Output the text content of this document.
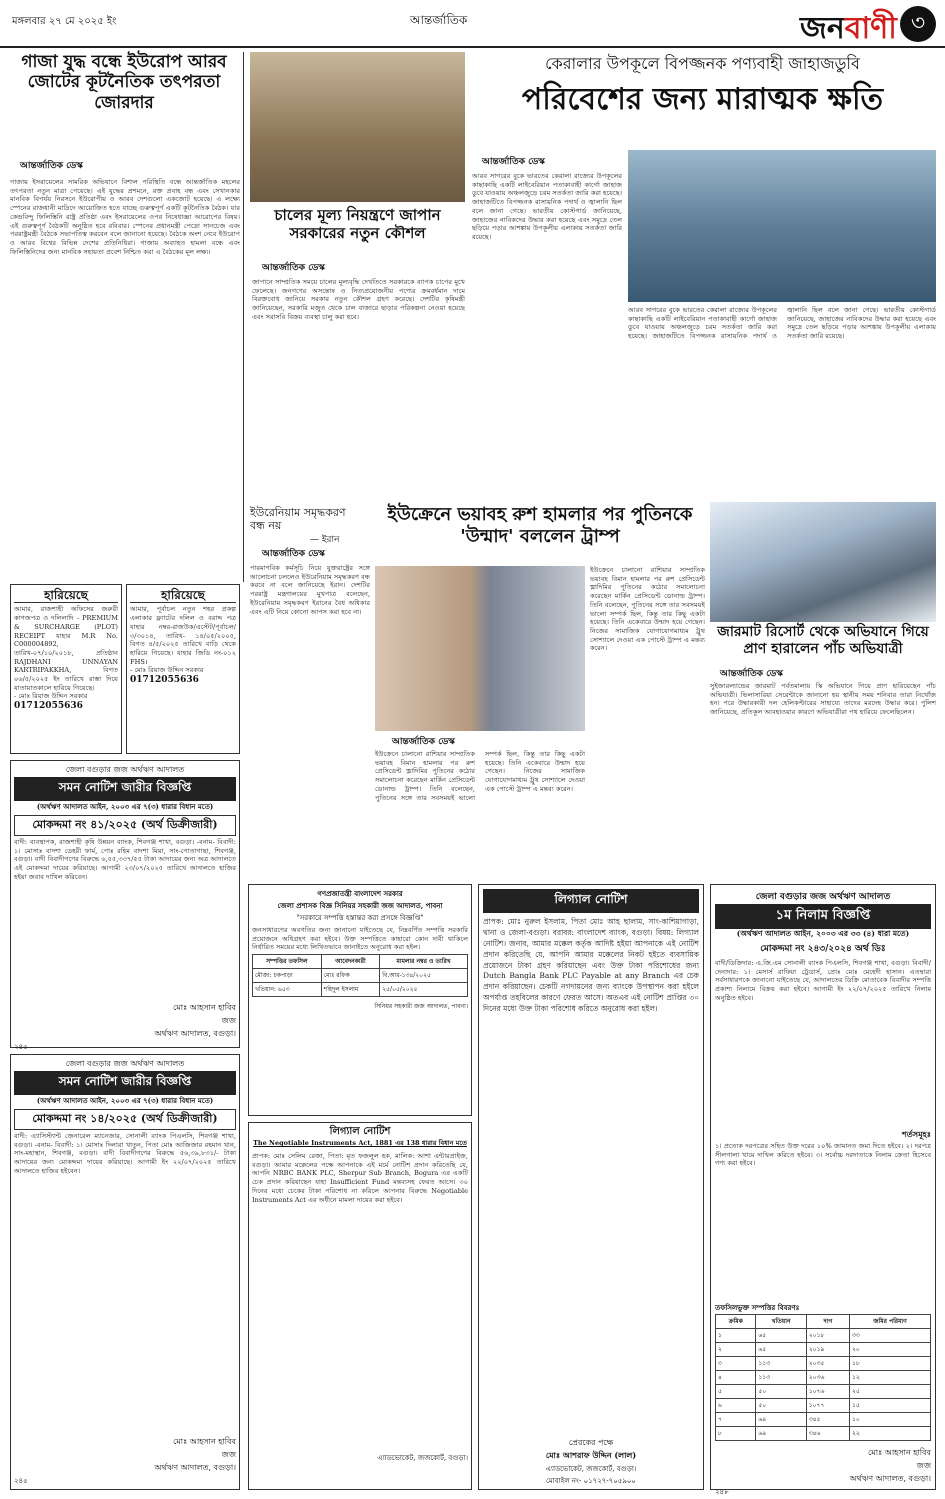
মঙ্গলবার ২৭ মে ২০২৫ ইং	আন্তর্জাতিক	জনবাণী ৩
গাজা যুদ্ধ বন্ধে ইউরোপ আরব জোটের কূটনৈতিক তৎপরতা জোরদার
আন্তর্জাতিক ডেস্ক
গাজায় ইসরায়েলের সামরিক অভিযানে বিশাল পরিস্থিতি বন্ধে আন্তর্জাতিক মহলের তৎপরতা নতুন মাত্রা পেয়েছে। এই যুদ্ধের প্রশমনে, রক্ত প্রবাহ বন্ধ এবং সেখানকার মানবিক বিপর্যয় নিরসনে ইউরোপীয় ও আরব দেশগুলো একজোট হয়েছে। এ লক্ষ্যে স্পেনের রাজধানী মাদ্রিদে আয়োজিত হতে যাচ্ছে গুরুত্বপূর্ণ একটি কূটনৈতিক বৈঠক। যার কেন্দ্রবিন্দু ফিলিস্তিনি রাষ্ট্র প্রতিষ্ঠা এবং ইসরায়েলের ওপর নিষেধাজ্ঞা আরোপের বিষয়। এই গুরুত্বপূর্ণ বৈঠকটি অনুষ্ঠিত হবে রবিবার। স্পেনের প্রধানমন্ত্রী পেদ্রো সানচেজ এবং পররাষ্ট্রমন্ত্রী বৈঠকে সভাপতিত্ব করবেন বলে জানানো হয়েছে। বৈঠকে অংশ নেবে ইউরোপ ও আরব বিশ্বের বিভিন্ন দেশের প্রতিনিধিরা। গাজায় অব্যাহত হামলা বন্ধে এবং ফিলিস্তিনিদের জন্য মানবিক সহায়তা প্রবেশ নিশ্চিত করা এ বৈঠকের মূল লক্ষ্য।
চালের মূল্য নিয়ন্ত্রণে জাপান সরকারের নতুন কৌশল
আন্তর্জাতিক ডেস্ক
জাপানে সাম্প্রতিক সময়ে চালের মূল্যবৃদ্ধি দেখতিতে সরকারকে ব্যাপক চাপের মুখে ফেলেছে। জনগণের অসন্তোষ ও নিত্যপ্রয়োজনীয় পণ্যের ক্রমবর্ধমান দামে বিরক্তবোধ জানিয়ে সরকার নতুন কৌশল গ্রহণ করেছে। দেশটির কৃষিমন্ত্রী জানিয়েছেন, সরকারি মজুত থেকে চাল বাজারে ছাড়ার পরিকল্পনা নেওয়া হয়েছে এবং সরাসরি বিক্রয় ব্যবস্থা চালু করা হবে।
কেরালার উপকূলে বিপজ্জনক পণ্যবাহী জাহাজডুবি
পরিবেশের জন্য মারাত্মক ক্ষতি
আন্তর্জাতিক ডেস্ক
আরব সাগরের বুকে ভারতের কেরালা রাজ্যের উপকূলের কাছাকাছি একটি লাইবেরিয়ান পতাকাবাহী কার্গো জাহাজ ডুবে যাওয়ায় অঞ্চলজুড়ে চরম সতর্কতা জারি করা হয়েছে। জাহাজটিতে বিপজ্জনক রাসায়নিক পদার্থ ও জ্বালানি ছিল বলে জানা গেছে। ভারতীয় কোস্টগার্ড জানিয়েছে, জাহাজের নাবিকদের উদ্ধার করা হয়েছে এবং সমুদ্রে তেল ছড়িয়ে পড়ার আশঙ্কায় উপকূলীয় এলাকায় সতর্কতা জারি রয়েছে।
আরব সাগরের বুকে ভারতের কেরালা রাজ্যের উপকূলের কাছাকাছি একটি লাইবেরিয়ান পতাকাবাহী কার্গো জাহাজ ডুবে যাওয়ায় অঞ্চলজুড়ে চরম সতর্কতা জারি করা হয়েছে। জাহাজটিতে বিপজ্জনক রাসায়নিক পদার্থ ও জ্বালানি ছিল বলে জানা গেছে। ভারতীয় কোস্টগার্ড জানিয়েছে, জাহাজের নাবিকদের উদ্ধার করা হয়েছে এবং সমুদ্রে তেল ছড়িয়ে পড়ার আশঙ্কায় উপকূলীয় এলাকায় সতর্কতা জারি রয়েছে।
ইউরেনিয়াম সমৃদ্ধকরণ বন্ধ নয়
— ইরান
আন্তর্জাতিক ডেস্ক
ইউক্রেনে ভয়াবহ রুশ হামলার পর পুতিনকে 'উন্মাদ' বললেন ট্রাম্প
পারমাণবিক কর্মসূচি নিয়ে যুক্তরাষ্ট্রের সঙ্গে আলোচনা চললেও ইউরেনিয়াম সমৃদ্ধকরণ বন্ধ করবে না বলে জানিয়েছে ইরান। দেশটির পররাষ্ট্র মন্ত্রণালয়ের মুখপাত্র বলেছেন, ইউরেনিয়াম সমৃদ্ধকরণ ইরানের বৈধ অধিকার এবং এটি নিয়ে কোনো আপস করা হবে না।
ইউক্রেনে চালানো রাশিয়ার সাম্প্রতিক ভয়াবহ বিমান হামলার পর রুশ প্রেসিডেন্ট ভ্লাদিমির পুতিনের কঠোর সমালোচনা করেছেন মার্কিন প্রেসিডেন্ট ডোনাল্ড ট্রাম্প। তিনি বলেছেন, পুতিনের সঙ্গে তার সবসময়ই ভালো সম্পর্ক ছিল, কিন্তু তার কিছু একটা হয়েছে। তিনি একেবারে উন্মাদ হয়ে গেছেন। নিজের সামাজিক যোগাযোগমাধ্যম ট্রুথ সোশ্যালে দেওয়া এক পোস্টে ট্রাম্প এ মন্তব্য করেন।
আন্তর্জাতিক ডেস্ক
ইউক্রেনে চালানো রাশিয়ার সাম্প্রতিক ভয়াবহ বিমান হামলার পর রুশ প্রেসিডেন্ট ভ্লাদিমির পুতিনের কঠোর সমালোচনা করেছেন মার্কিন প্রেসিডেন্ট ডোনাল্ড ট্রাম্প। তিনি বলেছেন, পুতিনের সঙ্গে তার সবসময়ই ভালো সম্পর্ক ছিল, কিন্তু তার কিছু একটা হয়েছে। তিনি একেবারে উন্মাদ হয়ে গেছেন। নিজের সামাজিক যোগাযোগমাধ্যম ট্রুথ সোশ্যালে দেওয়া এক পোস্টে ট্রাম্প এ মন্তব্য করেন।
জারমাট রিসোর্ট থেকে অভিযানে গিয়ে প্রাণ হারালেন পাঁচ অভিযাত্রী
আন্তর্জাতিক ডেস্ক
সুইজারল্যান্ডের জারমাট পর্বতমালায় স্কি অভিযানে গিয়ে প্রাণ হারিয়েছেন পাঁচ অভিযাত্রী। ভিলাসারিয়া সেরেন্টাকে জানানো হয় স্থানীয় সময় শনিবার তারা নিখোঁজ হন। পরে উদ্ধারকারী দল হেলিকপ্টারের সাহায্যে তাদের মরদেহ উদ্ধার করে। পুলিশ জানিয়েছে, প্রতিকূল আবহাওয়ার কারণে অভিযাত্রীরা পথ হারিয়ে ফেলেছিলেন।
হারিয়েছে
আমার, রাজশাহী অফিসের জরুরী কাগজপত্র ও দলিলাদি - PREMIUM & SURCHARGE (PLOT) RECEIPT যাহার M.R No. C000004892, তারিখ-০৭/১০/২০১৮, প্রতিষ্ঠান RAJDHANI UNNAYAN KARTRIPAKKHA, বিগত ০৬/৫/২০২৫ ইং তারিখে রাস্তা দিয়ে যাতায়াতকালে হারিয়ে গিয়েছে।
- মোঃ রিয়াজ উদ্দিন সরকার
01712055636
হারিয়েছে
আমার, পূর্বাচল নতুন শহর প্রকল্প এলাকার ফ্ল্যাটের দলিল ও বরাদ্দ পত্র যাহার নম্বর-রাজউক/এস্টেট/পূর্বাচল/ ৩/৩০১৪, তারিখ- ১৪/০৫/২০০৫, বিগত ৪/৫/২০২৫ তারিখে বাড়ি থেকে হারিয়ে গিয়েছে। যাহার জিডি নং-০১২ FHS।
- মোঃ রিয়াজ উদ্দিন সরকার
01712055636
জেলা বগুড়ার জজ অর্থঋণ আদালত
সমন নোটিশ জারীর বিজ্ঞপ্তি
(অর্থঋণ আদালত আইন, ২০০৩ এর ৭(৩) ধারার বিধান মতে)
মোকদ্দমা নং ৪১/২০২৫ (অর্থ ডিক্রীজারী)
বাদী: ব্যবস্থাপক, রাজশাহী কৃষি উন্নয়ন ব্যাংক, শিবগঞ্জ শাখা, বগুড়া। -বনাম- বিবাদী: ১। মোসাঃ বাদশা ডেহরী ফার্ম, পোঃ রহিম বাদশা মিয়া, সাং-পোতাগাছা, শিবগঞ্জ, বগুড়া। বাদী বিবাদীগণের বিরুদ্ধে ৬,৫৫,৩৩৭/৫৫ টাকা আদায়ের জন্য অত্র আদালতে এই মোকদ্দমা দায়ের করিয়াছে। আগামী ২৩/০৭/২০২৫ তারিখে আদালতে হাজির হইয়া জবাব দাখিল করিবেন।
মোঃ আহসান হাবিব
জজ
অর্থঋণ আদালত, বগুড়া।
২৪৫
জেলা বগুড়ার জজ অর্থঋণ আদালত
সমন নোটিশ জারীর বিজ্ঞপ্তি
(অর্থঋণ আদালত আইন, ২০০৩ এর ৭(৩) ধারার বিধান মতে)
মোকদ্দমা নং ১৪/২০২৫ (অর্থ ডিক্রীজারী)
বাদী: এ্যাসিস্ট্যান্ট জেনারেল ম্যানেজার, সোনালী ব্যাংক পিএলসি, শিবগঞ্জ শাখা, বগুড়া। -বনাম- বিবাদী: ১। মোসাঃ দিলারা খাতুন, পিতা মোঃ আজিজার রহমান খান, সাং-মহাস্থান, শিবগঞ্জ, বগুড়া। বাদী বিবাদীগণের বিরুদ্ধে ৫৬,৩৯,৮৩১/- টাকা আদায়ের জন্য মোকদ্দমা দায়ের করিয়াছে। আগামী ইং ২২/০৭/২০২৫ তারিখে আদালতে হাজির হইবেন।
মোঃ আহসান হাবিব
জজ
অর্থঋণ আদালত, বগুড়া।
২৪৫
গণপ্রজাতন্ত্রী বাংলাদেশ সরকার
জেলা প্রশাসক বিজ্ঞ সিনিয়র সহকারী জজ আদালত, পাবনা
"সরকারে সম্পত্তি হস্তান্তর করা প্রসঙ্গে বিজ্ঞপ্তি"
জনসাধারণের অবগতির জন্য জানানো যাইতেছে যে, নিম্নবর্ণিত সম্পত্তি সরকারি প্রয়োজনে অধিগ্রহণ করা হইবে। উক্ত সম্পত্তিতে কাহারো কোন দাবী থাকিলে নির্ধারিত সময়ের মধ্যে লিখিতভাবে জানাইতে অনুরোধ করা হইল।
সম্পত্তির তফসিল	আবেদনকারী	মামলার নম্বর ও তারিখ
মৌজা: চকপাড়া	মোঃ রফিক	বি.আর-১৩৪/২০২৫
খতিয়ান: ৬৫৩	শহিদুল ইসলাম	২৫/০৫/২০২৫
সিনিয়র সহকারী জজ আদালত, পাবনা।
লিগ্যাল নোটিশ
The Negotiable Instruments Act, 1881 এর 138 ধারার বিধান মতে
প্রাপক: মোঃ সেলিম রেজা, পিতা: মৃত ফজলুল হক, মালিক: আশা এন্টারপ্রাইজ, বগুড়া। আমার মক্কেলের পক্ষে আপনাকে এই মর্মে নোটিশ প্রদান করিতেছি যে, আপনি NRBC BANK PLC, Sherpur Sub Branch, Bogura এর একটি চেক প্রদান করিয়াছেন যাহা Insufficient Fund মন্তব্যসহ ফেরত আসে। ৩০ দিনের মধ্যে চেকের টাকা পরিশোধ না করিলে আপনার বিরুদ্ধে Negotiable Instruments Act এর অধীনে মামলা দায়ের করা হইবে।
এ্যাডভোকেট, জজকোর্ট, বগুড়া।
লিগ্যাল নোটিশ
প্রাপক: মোঃ নুরুল ইসলাম, পিতা মোঃ আহ ছালাম, সাং-কাশিয়াগাড়া, থানা ও জেলা-বগুড়া। বরাবর: বাংলাদেশ ব্যাংক, বগুড়া। বিষয়: লিগ্যাল নোটিশ। জনাব, আমার মক্কেল কর্তৃক আদিষ্ট হইয়া আপনাকে এই নোটিশ প্রদান করিতেছি যে, আপনি আমার মক্কেলের নিকট হইতে ব্যবসায়িক প্রয়োজনে টাকা গ্রহণ করিয়াছেন এবং উক্ত টাকা পরিশোধের জন্য Dutch Bangla Bank PLC Payable at any Branch এর চেক প্রদান করিয়াছেন। চেকটি নগদায়নের জন্য ব্যাংকে উপস্থাপন করা হইলে অপর্যাপ্ত তহবিলের কারণে ফেরত আসে। অতএব এই নোটিশ প্রাপ্তির ৩০ দিনের মধ্যে উক্ত টাকা পরিশোধ করিতে অনুরোধ করা হইল।
প্রেরকের পক্ষে
মোঃ আশরাফ উদ্দিন (লাল)
এ্যাডভোকেট, জজকোর্ট, বগুড়া।
মোবাইল নং- ০১৭২৭-৭০৫৯০০
জেলা বগুড়ার জজ অর্থঋণ আদালত
১ম নিলাম বিজ্ঞপ্তি
(অর্থঋণ আদালত আইন, ২০০৩ এর ৩৩ (৪) ধারা মতে)
মোকদ্দমা নং ২৪৩/২০২৪ অর্থ ডিঃ
বাদী/ডিক্রিদার: এ.জি.এম সোনালী ব্যাংক পিএলসি, শিবগঞ্জ শাখা, বগুড়া। বিবাদী/দেনাদার: ১। মেসার্স রাফিয়া ট্রেডার্স, প্রোঃ মোঃ মেহেদী হাসান। এতদ্বারা সর্বসাধারণকে জানানো যাইতেছে যে, আদালতের ডিক্রি মোতাবেক বিবাদীর সম্পত্তি প্রকাশ্য নিলামে বিক্রয় করা হইবে। আগামী ইং ২২/০৭/২০২৫ তারিখে নিলাম অনুষ্ঠিত হইবে।
শর্তসমূহঃ
১। প্রত্যেক দরপত্রের সহিত উক্ত দরের ১০% জামানত জমা দিতে হইবে। ২। দরপত্র সীলগালা খামে দাখিল করিতে হইবে। ৩। সর্বোচ্চ দরদাতাকে নিলাম ক্রেতা হিসেবে গণ্য করা হইবে।
তফসিলভুক্ত সম্পত্তির বিবরণঃ
ক্রমিক	খতিয়ান	দাগ	জমির পরিমাণ
১	৬৫	২০১৮	৩৩
২	৬৫	২০১৯	২০
৩	১১৩	২০৩৫	১৮
৪	১১৩	২০৩৬	১২
৫	৫০	১০৭৬	২৫
৬	৫০	১০৭৭	১৫
৭	৬৯	৩৪৫	১০
৮	৬৯	৩৪৬	২২
মোঃ আহসান হাবিব
জজ
অর্থঋণ আদালত, বগুড়া।
২৪৮
